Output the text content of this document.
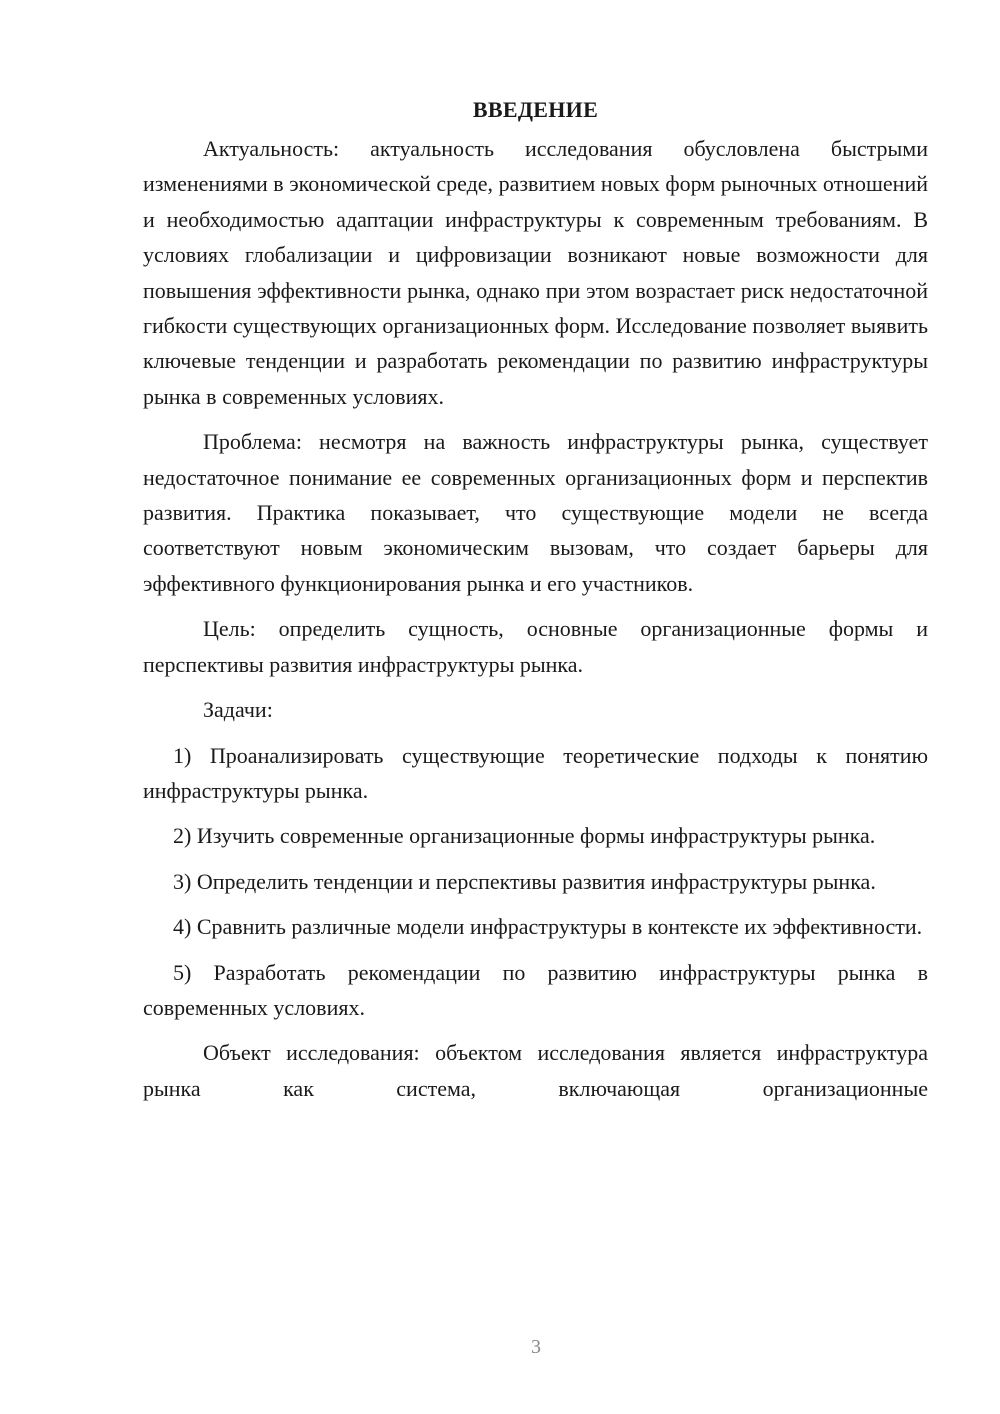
ВВЕДЕНИЕ

Актуальность: актуальность исследования обусловлена быстрыми изменениями в экономической среде, развитием новых форм рыночных отношений и необходимостью адаптации инфраструктуры к современным требованиям. В условиях глобализации и цифровизации возникают новые возможности для повышения эффективности рынка, однако при этом возрастает риск недостаточной гибкости существующих организационных форм. Исследование позволяет выявить ключевые тенденции и разработать рекомендации по развитию инфраструктуры рынка в современных условиях.

Проблема: несмотря на важность инфраструктуры рынка, существует недостаточное понимание ее современных организационных форм и перспектив развития. Практика показывает, что существующие модели не всегда соответствуют новым экономическим вызовам, что создает барьеры для эффективного функционирования рынка и его участников.

Цель: определить сущность, основные организационные формы и перспективы развития инфраструктуры рынка.

Задачи:

1) Проанализировать существующие теоретические подходы к понятию инфраструктуры рынка.

2) Изучить современные организационные формы инфраструктуры рынка.

3) Определить тенденции и перспективы развития инфраструктуры рынка.

4) Сравнить различные модели инфраструктуры в контексте их эффективности.

5) Разработать рекомендации по развитию инфраструктуры рынка в современных условиях.

Объект исследования: объектом исследования является инфраструктура рынка как система, включающая организационные

3
